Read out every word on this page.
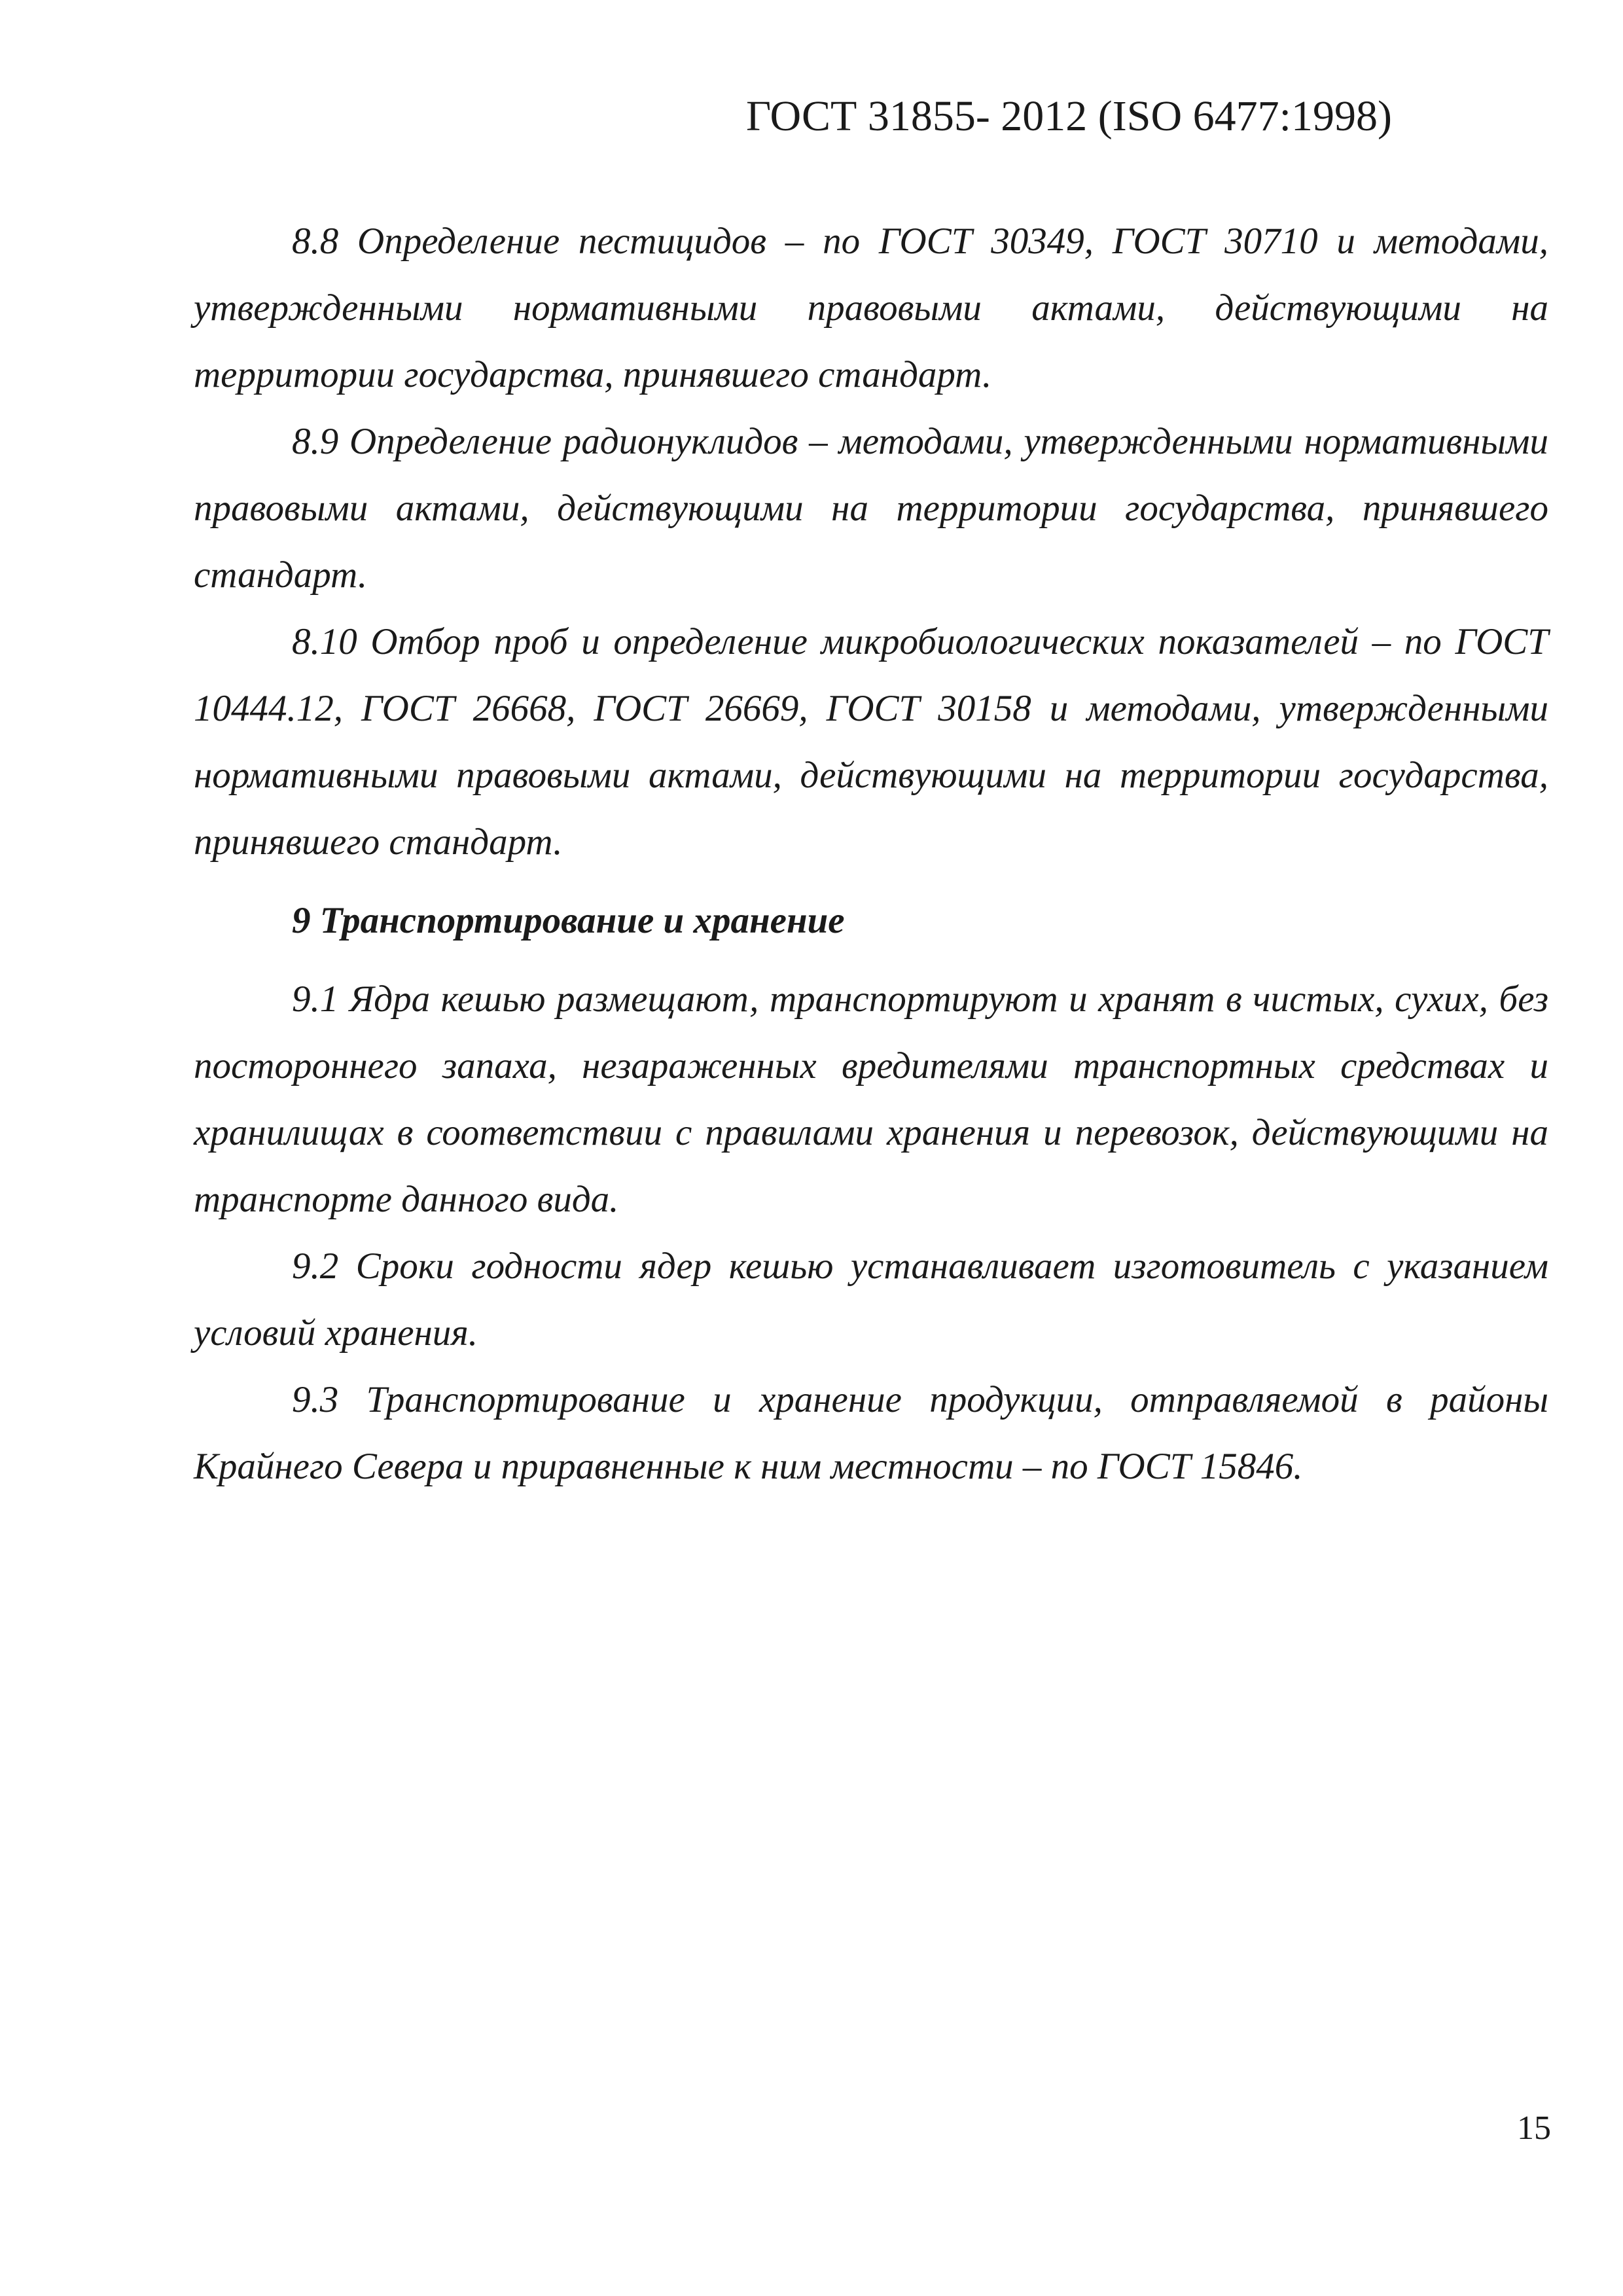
ГОСТ 31855- 2012 (ISO 6477:1998)

8.8 Определение пестицидов – по ГОСТ 30349, ГОСТ 30710 и методами, утвержденными нормативными правовыми актами, действующими на территории государства, принявшего стандарт.

8.9 Определение радионуклидов – методами, утвержденными нормативными правовыми актами, действующими на территории государства, принявшего стандарт.

8.10 Отбор проб и определение микробиологических показателей – по ГОСТ 10444.12, ГОСТ 26668, ГОСТ 26669, ГОСТ 30158 и методами, утвержденными нормативными правовыми актами, действующими на территории государства, принявшего стандарт.

9 Транспортирование и хранение

9.1 Ядра кешью размещают, транспортируют и хранят в чистых, сухих, без постороннего запаха, незараженных вредителями транспортных средствах и хранилищах в соответствии с правилами хранения и перевозок, действующими на транспорте данного вида.

9.2 Сроки годности ядер кешью устанавливает изготовитель с указанием условий хранения.

9.3 Транспортирование и хранение продукции, отправляемой в районы Крайнего Севера и приравненные к ним местности – по ГОСТ 15846.

15
